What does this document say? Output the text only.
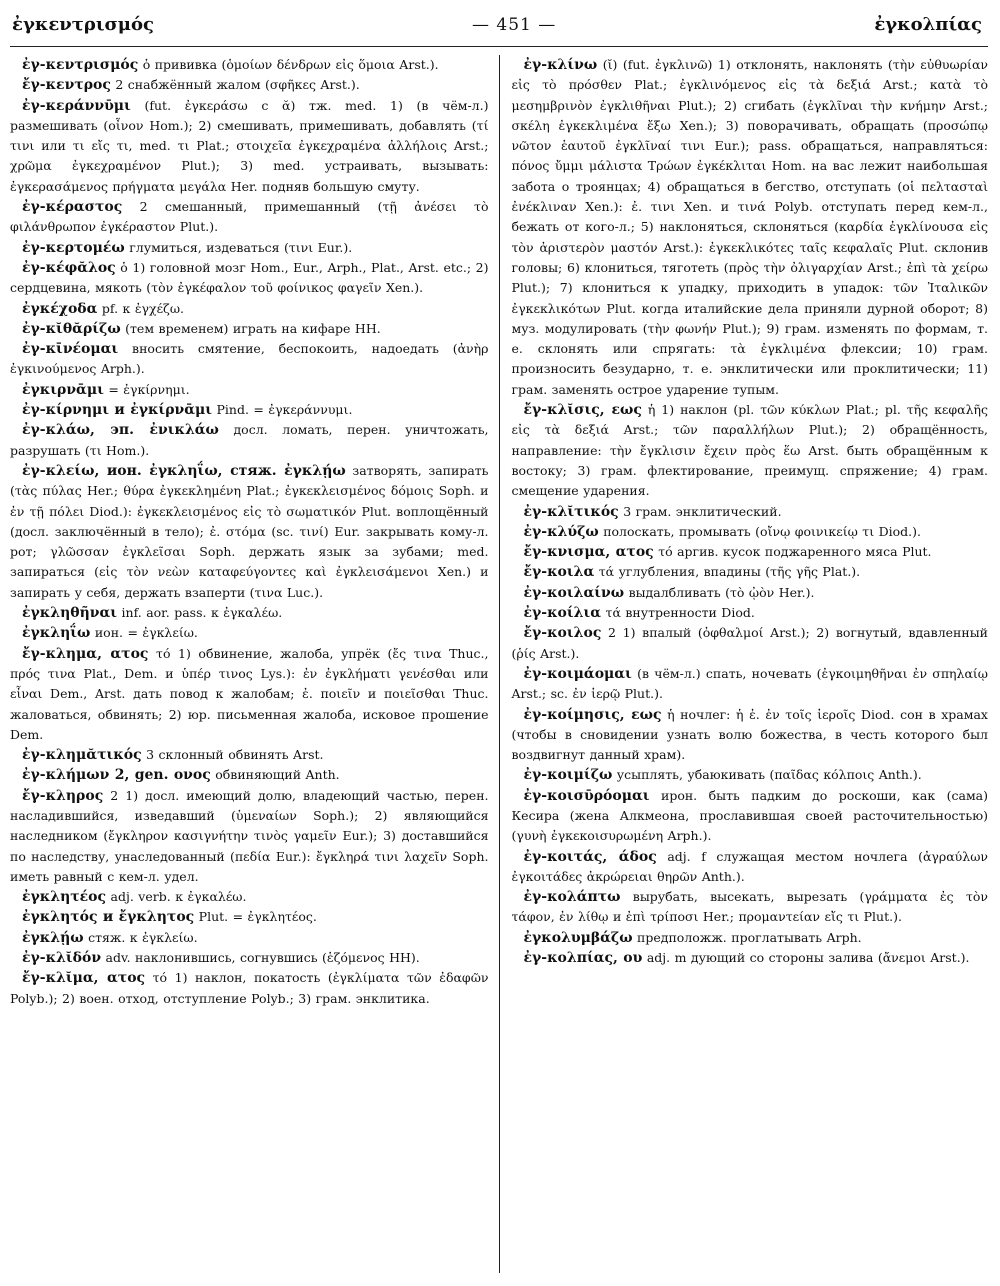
ἐγκεντρισμός	— 451 —	ἐγκολπίας

ἐγ-κεντρισμός ὁ прививка (ὁμοίων δένδρων εἰς ὅμοια Arst.).

ἔγ-κεντρος 2 снабжённый жалом (σφῆκες Arst.).

ἐγ-κεράννῡμι (fut. ἐγκεράσω с ᾰ) тж. med. 1) (в чём-л.) размешивать (οἶνον Hom.); 2) смешивать, примешивать, добавлять (τί τινι или τι εἴς τι, med. τι Plat.; στοιχεῖα ἐγκεχραμένα ἀλλήλοις Arst.; χρῶμα ἐγκεχραμένον Plut.); 3) med. устраивать, вызывать: ἐγκερασάμενος πρήγματα μεγάλα Her. подняв большую смуту.

ἐγ-κέραστος 2 смешанный, примешанный (τῇ ἀνέσει τὸ φιλάνθρωπον ἐγκέραστον Plut.).

ἐγ-κερτομέω глумиться, издеваться (τινι Eur.).

ἐγ-κέφᾰλος ὁ 1) головной мозг Hom., Eur., Arph., Plat., Arst. etc.; 2) сердцевина, мякоть (τὸν ἐγκέφαλον τοῦ φοίνικος φαγεῖν Xen.).

ἐγκέχοδα pf. к ἐγχέζω.

ἐγ-κῐθᾰρίζω (тем временем) играть на кифаре HH.

ἐγ-κῑνέομαι вносить смятение, беспокоить, надоедать (ἀνὴρ ἐγκινούμενος Arph.).

ἐγκιρνᾱμι = ἐγκίρνημι.

ἐγ-κίρνημι и ἐγκίρνᾱμι Pind. = ἐγκεράννυμι.

ἐγ-κλάω, эп. ἐνικλάω досл. ломать, перен. уничтожать, разрушать (τι Hom.).

ἐγ-κλείω, ион. ἐγκληΐω, стяж. ἐγκλῄω затворять, запирать (τὰς πύλας Her.; θύρα ἐγκεκλημένη Plat.; ἐγκεκλεισμένος δόμοις Soph. и ἐν τῇ πόλει Diod.): ἐγκεκλεισμένος εἰς τὸ σωματικόν Plut. воплощённый (досл. заключённый в тело); ἐ. στόμα (sc. τινί) Eur. закрывать кому-л. рот; γλῶσσαν ἐγκλεῖσαι Soph. держать язык за зубами; med. запираться (εἰς τὸν νεὼν καταφεύγοντες καὶ ἐγκλεισάμενοι Xen.) и запирать у себя, держать взаперти (τινα Luc.).

ἐγκληθῆναι inf. aor. pass. к ἐγκαλέω.

ἐγκληΐω ион. = ἐγκλείω.

ἔγ-κλημα, ατος τό 1) обвинение, жалоба, упрёк (ἔς τινα Thuc., πρός τινα Plat., Dem. и ὑπέρ τινος Lys.): ἐν ἐγκλήματι γενέσθαι или εἶναι Dem., Arst. дать повод к жалобам; ἐ. ποιεῖν и ποιεῖσθαι Thuc. жаловаться, обвинять; 2) юр. письменная жалоба, исковое прошение Dem.

ἐγ-κλημᾰτικός 3 склонный обвинять Arst.

ἐγ-κλήμων 2, gen. ονος обвиняющий Anth.

ἔγ-κληρος 2 1) досл. имеющий долю, владеющий частью, перен. насладившийся, изведавший (ὑμεναίων Soph.); 2) являющийся наследником (ἔγκληρον κασιγνήτην τινὸς γαμεῖν Eur.); 3) доставшийся по наследству, унаследованный (πεδία Eur.): ἔγκληρά τινι λαχεῖν Soph. иметь равный с кем-л. удел.

ἐγκλητέος adj. verb. к ἐγκαλέω.

ἐγκλητός и ἔγκλητος Plut. = ἐγκλητέος.

ἐγκλῄω стяж. к ἐγκλείω.

ἐγ-κλῐδόν adv. наклонившись, согнувшись (ἑζόμενος HH).

ἔγ-κλῐμα, ατος τό 1) наклон, покатость (ἐγκλίματα τῶν ἐδαφῶν Polyb.); 2) воен. отход, отступление Polyb.; 3) грам. энклитика.

ἐγ-κλίνω (ῐ) (fut. ἐγκλινῶ) 1) отклонять, наклонять (τὴν εὐθυωρίαν εἰς τὸ πρόσθεν Plat.; ἐγκλινόμενος εἰς τὰ δεξιά Arst.; κατὰ τὸ μεσημβρινὸν ἐγκλιθῆναι Plut.); 2) сгибать (ἐγκλῖναι τὴν κνήμην Arst.; σκέλη ἐγκεκλιμένα ἔξω Xen.); 3) поворачивать, обращать (προσώπῳ νῶτον ἑαυτοῦ ἐγκλῖναί τινι Eur.); pass. обращаться, направляться: πόνος ὔμμι μάλιστα Τρώων ἐγκέκλιται Hom. на вас лежит наибольшая забота о троянцах; 4) обращаться в бегство, отступать (οἱ πελτασταὶ ἐνέκλιναν Xen.): ἐ. τινι Xen. и τινά Polyb. отступать перед кем-л., бежать от кого-л.; 5) наклоняться, склоняться (καρδία ἐγκλίνουσα εἰς τὸν ἀριστερὸν μαστόν Arst.): ἐγκεκλικότες ταῖς κεφαλαῖς Plut. склонив головы; 6) клониться, тяготеть (πρὸς τὴν ὀλιγαρχίαν Arst.; ἐπὶ τὰ χείρω Plut.); 7) клониться к упадку, приходить в упадок: τῶν Ἰταλικῶν ἐγκεκλικότων Plut. когда италийские дела приняли дурной оборот; 8) муз. модулировать (τὴν φωνήν Plut.); 9) грам. изменять по формам, т. е. склонять или спрягать: τὰ ἐγκλιμένα флексии; 10) грам. произносить безударно, т. е. энклитически или проклитически; 11) грам. заменять острое ударение тупым.

ἔγ-κλῐσις, εως ἡ 1) наклон (pl. τῶν κύκλων Plat.; pl. τῆς κεφαλῆς εἰς τὰ δεξιά Arst.; τῶν παραλλήλων Plut.); 2) обращённость, направление: τὴν ἔγκλισιν ἔχειν πρὸς ἕω Arst. быть обращённым к востоку; 3) грам. флектирование, преимущ. спряжение; 4) грам. смещение ударения.

ἐγ-κλῐτικός 3 грам. энклитический.

ἐγ-κλύζω полоскать, промывать (οἴνῳ φοινικείῳ τι Diod.).

ἔγ-κνισμα, ατος τό аргив. кусок поджаренного мяса Plut.

ἔγ-κοιλα τά углубления, впадины (τῆς γῆς Plat.).

ἐγ-κοιλαίνω выдалбливать (τὸ ᾠὸν Her.).

ἐγ-κοίλια τά внутренности Diod.

ἔγ-κοιλος 2 1) впалый (ὀφθαλμοί Arst.); 2) вогнутый, вдавленный (ῥίς Arst.).

ἐγ-κοιμάομαι (в чём-л.) спать, ночевать (ἐγκοιμηθῆναι ἐν σπηλαίῳ Arst.; sc. ἐν ἱερῷ Plut.).

ἐγ-κοίμησις, εως ἡ ночлег: ἡ ἐ. ἐν τοῖς ἱεροῖς Diod. сон в храмах (чтобы в сновидении узнать волю божества, в честь которого был воздвигнут данный храм).

ἐγ-κοιμίζω усыплять, убаюкивать (παῖδας κόλποις Anth.).

ἐγ-κοισῡρόομαι ирон. быть падким до роскоши, как (сама) Кесира (жена Алкмеона, прославившая своей расточительностью) (γυνὴ ἐγκεκοισυρωμένη Arph.).

ἐγ-κοιτάς, άδος adj. f служащая местом ночлега (ἀγραύλων ἐγκοιτάδες ἀκρώρειαι θηρῶν Anth.).

ἐγ-κολάπτω вырубать, высекать, вырезать (γράμματα ἐς τὸν τάφον, ἐν λίθῳ и ἐπὶ τρίποσι Her.; προμαντείαν εἴς τι Plut.).

ἐγκολυμβάζω предположж. проглатывать Arph.

ἐγ-κολπίας, ου adj. m дующий со стороны залива (ἄνεμοι Arst.).
